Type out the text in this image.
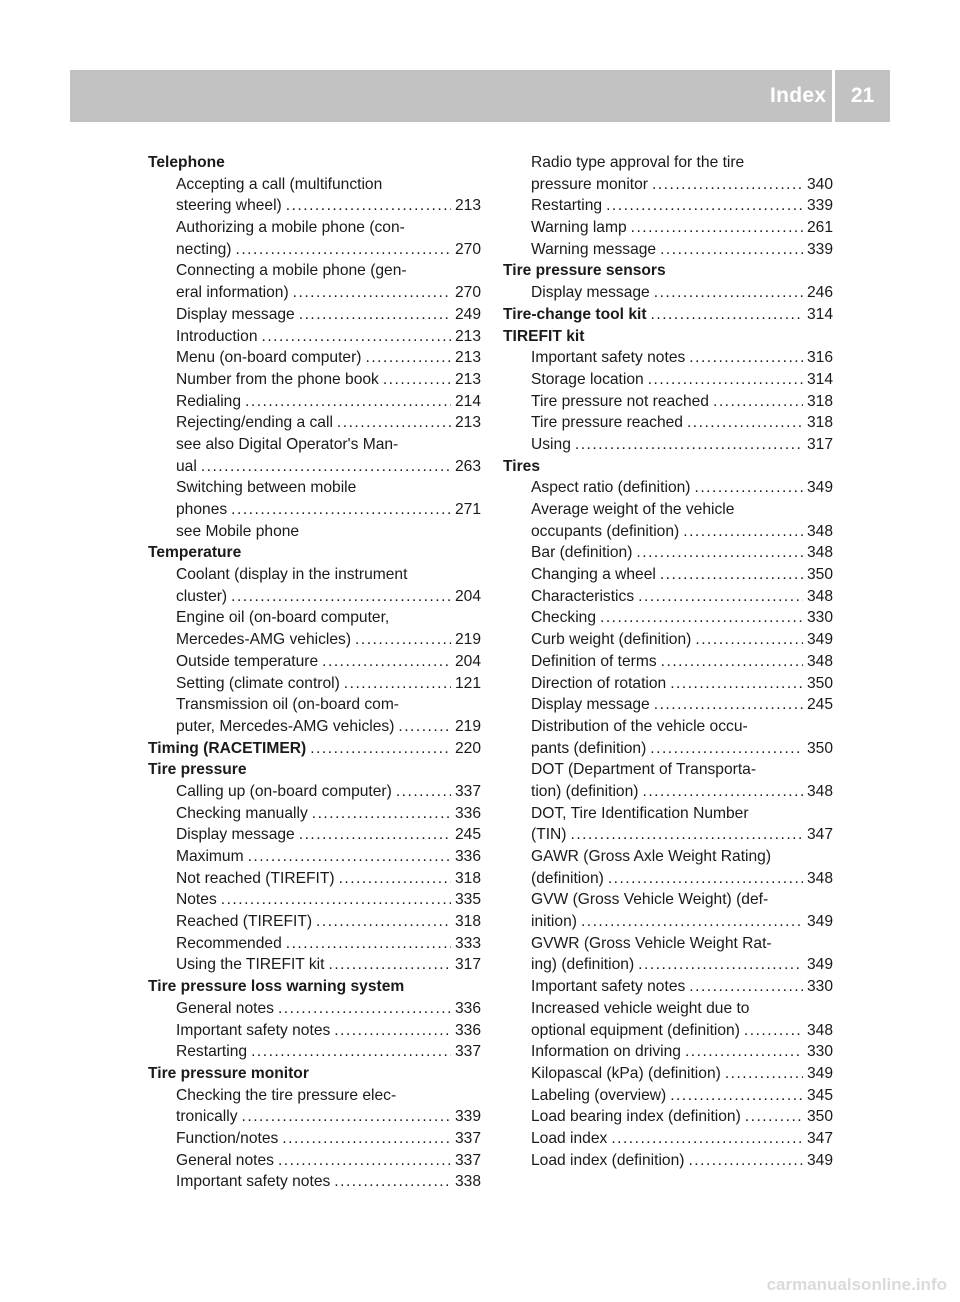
Index	21
Telephone
Accepting a call (multifunction
steering wheel) .....	213
Authorizing a mobile phone (con-
necting) .....	270
Connecting a mobile phone (gen-
eral information) .....	270
Display message .....	249
Introduction .....	213
Menu (on-board computer) .....	213
Number from the phone book .....	213
Redialing .....	214
Rejecting/ending a call .....	213
see also Digital Operator's Man-
ual .....	263
Switching between mobile
phones .....	271
see Mobile phone
Temperature
Coolant (display in the instrument
cluster) .....	204
Engine oil (on-board computer,
Mercedes-AMG vehicles) .....	219
Outside temperature .....	204
Setting (climate control) .....	121
Transmission oil (on-board com-
puter, Mercedes-AMG vehicles) .....	219
Timing (RACETIMER) .....	220
Tire pressure
Calling up (on-board computer) .....	337
Checking manually .....	336
Display message .....	245
Maximum .....	336
Not reached (TIREFIT) .....	318
Notes .....	335
Reached (TIREFIT) .....	318
Recommended .....	333
Using the TIREFIT kit .....	317
Tire pressure loss warning system
General notes .....	336
Important safety notes .....	336
Restarting .....	337
Tire pressure monitor
Checking the tire pressure elec-
tronically .....	339
Function/notes .....	337
General notes .....	337
Important safety notes .....	338
Radio type approval for the tire
pressure monitor .....	340
Restarting .....	339
Warning lamp .....	261
Warning message .....	339
Tire pressure sensors
Display message .....	246
Tire-change tool kit .....	314
TIREFIT kit
Important safety notes .....	316
Storage location .....	314
Tire pressure not reached .....	318
Tire pressure reached .....	318
Using .....	317
Tires
Aspect ratio (definition) .....	349
Average weight of the vehicle
occupants (definition) .....	348
Bar (definition) .....	348
Changing a wheel .....	350
Characteristics .....	348
Checking .....	330
Curb weight (definition) .....	349
Definition of terms .....	348
Direction of rotation .....	350
Display message .....	245
Distribution of the vehicle occu-
pants (definition) .....	350
DOT (Department of Transporta-
tion) (definition) .....	348
DOT, Tire Identification Number
(TIN) .....	347
GAWR (Gross Axle Weight Rating)
(definition) .....	348
GVW (Gross Vehicle Weight) (def-
inition) .....	349
GVWR (Gross Vehicle Weight Rat-
ing) (definition) .....	349
Important safety notes .....	330
Increased vehicle weight due to
optional equipment (definition) .....	348
Information on driving .....	330
Kilopascal (kPa) (definition) .....	349
Labeling (overview) .....	345
Load bearing index (definition) .....	350
Load index .....	347
Load index (definition) .....	349
carmanualsonline.info
